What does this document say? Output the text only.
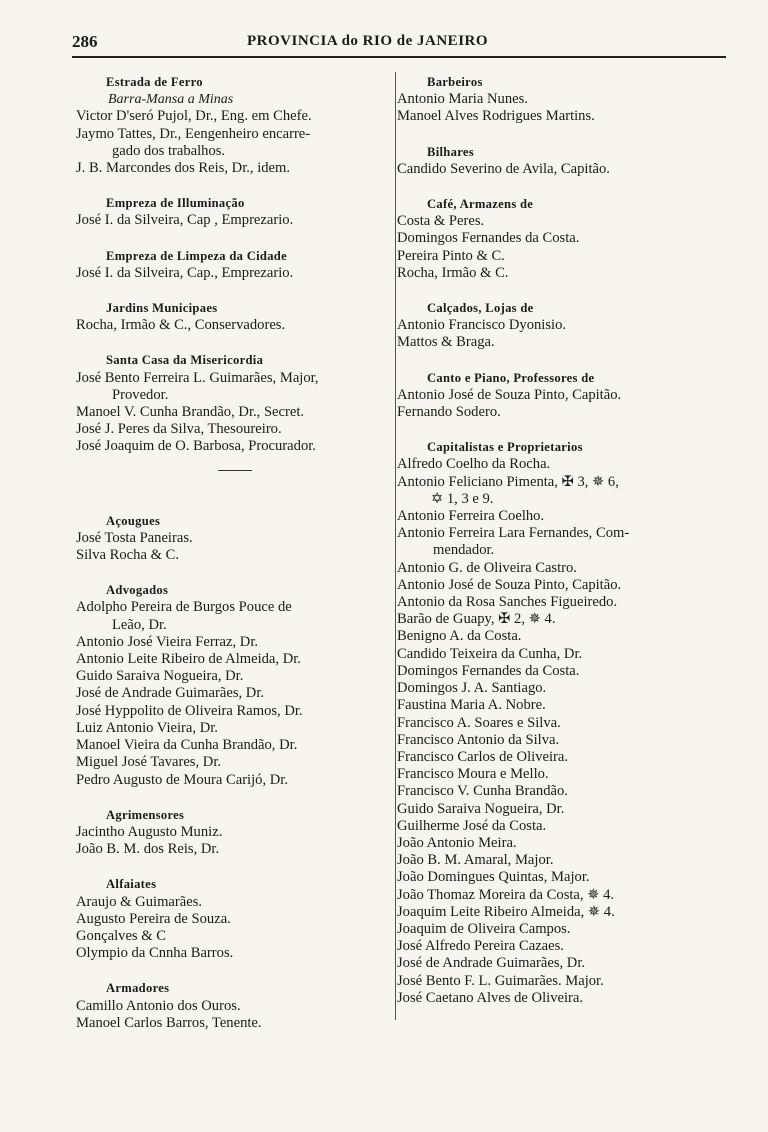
286	PROVINCIA do RIO de JANEIRO

Estrada de Ferro

Barra-Mansa a Minas

Victor D'seró Pujol, Dr., Eng. em Chefe.

Jaymo Tattes, Dr., Eengenheiro encarre-

gado dos trabalhos.

J. B. Marcondes dos Reis, Dr., idem.

Empreza de Illuminação

José I. da Silveira, Cap , Emprezario.

Empreza de Limpeza da Cidade

José I. da Silveira, Cap., Emprezario.

Jardins Municipaes

Rocha, Irmão & C., Conservadores.

Santa Casa da Misericordia

José Bento Ferreira L. Guimarães, Major,

Provedor.

Manoel V. Cunha Brandão, Dr., Secret.

José J. Peres da Silva, Thesoureiro.

José Joaquim de O. Barbosa, Procurador.

Açougues

José Tosta Paneiras.

Silva Rocha & C.

Advogados

Adolpho Pereira de Burgos Pouce de

Leão, Dr.

Antonio José Vieira Ferraz, Dr.

Antonio Leite Ribeiro de Almeida, Dr.

Guido Saraiva Nogueira, Dr.

José de Andrade Guimarães, Dr.

José Hyppolito de Oliveira Ramos, Dr.

Luiz Antonio Vieira, Dr.

Manoel Vieira da Cunha Brandão, Dr.

Miguel José Tavares, Dr.

Pedro Augusto de Moura Carijó, Dr.

Agrimensores

Jacintho Augusto Muniz.

João B. M. dos Reis, Dr.

Alfaiates

Araujo & Guimarães.

Augusto Pereira de Souza.

Gonçalves & C

Olympio da Cnnha Barros.

Armadores

Camillo Antonio dos Ouros.

Manoel Carlos Barros, Tenente.

Barbeiros

Antonio Maria Nunes.

Manoel Alves Rodrigues Martins.

Bilhares

Candido Severino de Avila, Capitão.

Café, Armazens de

Costa & Peres.

Domingos Fernandes da Costa.

Pereira Pinto & C.

Rocha, Irmão & C.

Calçados, Lojas de

Antonio Francisco Dyonisio.

Mattos & Braga.

Canto e Piano, Professores de

Antonio José de Souza Pinto, Capitão.

Fernando Sodero.

Capitalistas e Proprietarios

Alfredo Coelho da Rocha.

Antonio Feliciano Pimenta, ✠ 3, ✵ 6,

✡ 1, 3 e 9.

Antonio Ferreira Coelho.

Antonio Ferreira Lara Fernandes, Com-

mendador.

Antonio G. de Oliveira Castro.

Antonio José de Souza Pinto, Capitão.

Antonio da Rosa Sanches Figueiredo.

Barão de Guapy, ✠ 2, ✵ 4.

Benigno A. da Costa.

Candido Teixeira da Cunha, Dr.

Domingos Fernandes da Costa.

Domingos J. A. Santiago.

Faustina Maria A. Nobre.

Francisco A. Soares e Silva.

Francisco Antonio da Silva.

Francisco Carlos de Oliveira.

Francisco Moura e Mello.

Francisco V. Cunha Brandão.

Guido Saraiva Nogueira, Dr.

Guilherme José da Costa.

João Antonio Meira.

João B. M. Amaral, Major.

João Domingues Quintas, Major.

João Thomaz Moreira da Costa, ✵ 4.

Joaquim Leite Ribeiro Almeida, ✵ 4.

Joaquim de Oliveira Campos.

José Alfredo Pereira Cazaes.

José de Andrade Guimarães, Dr.

José Bento F. L. Guimarães. Major.

José Caetano Alves de Oliveira.
